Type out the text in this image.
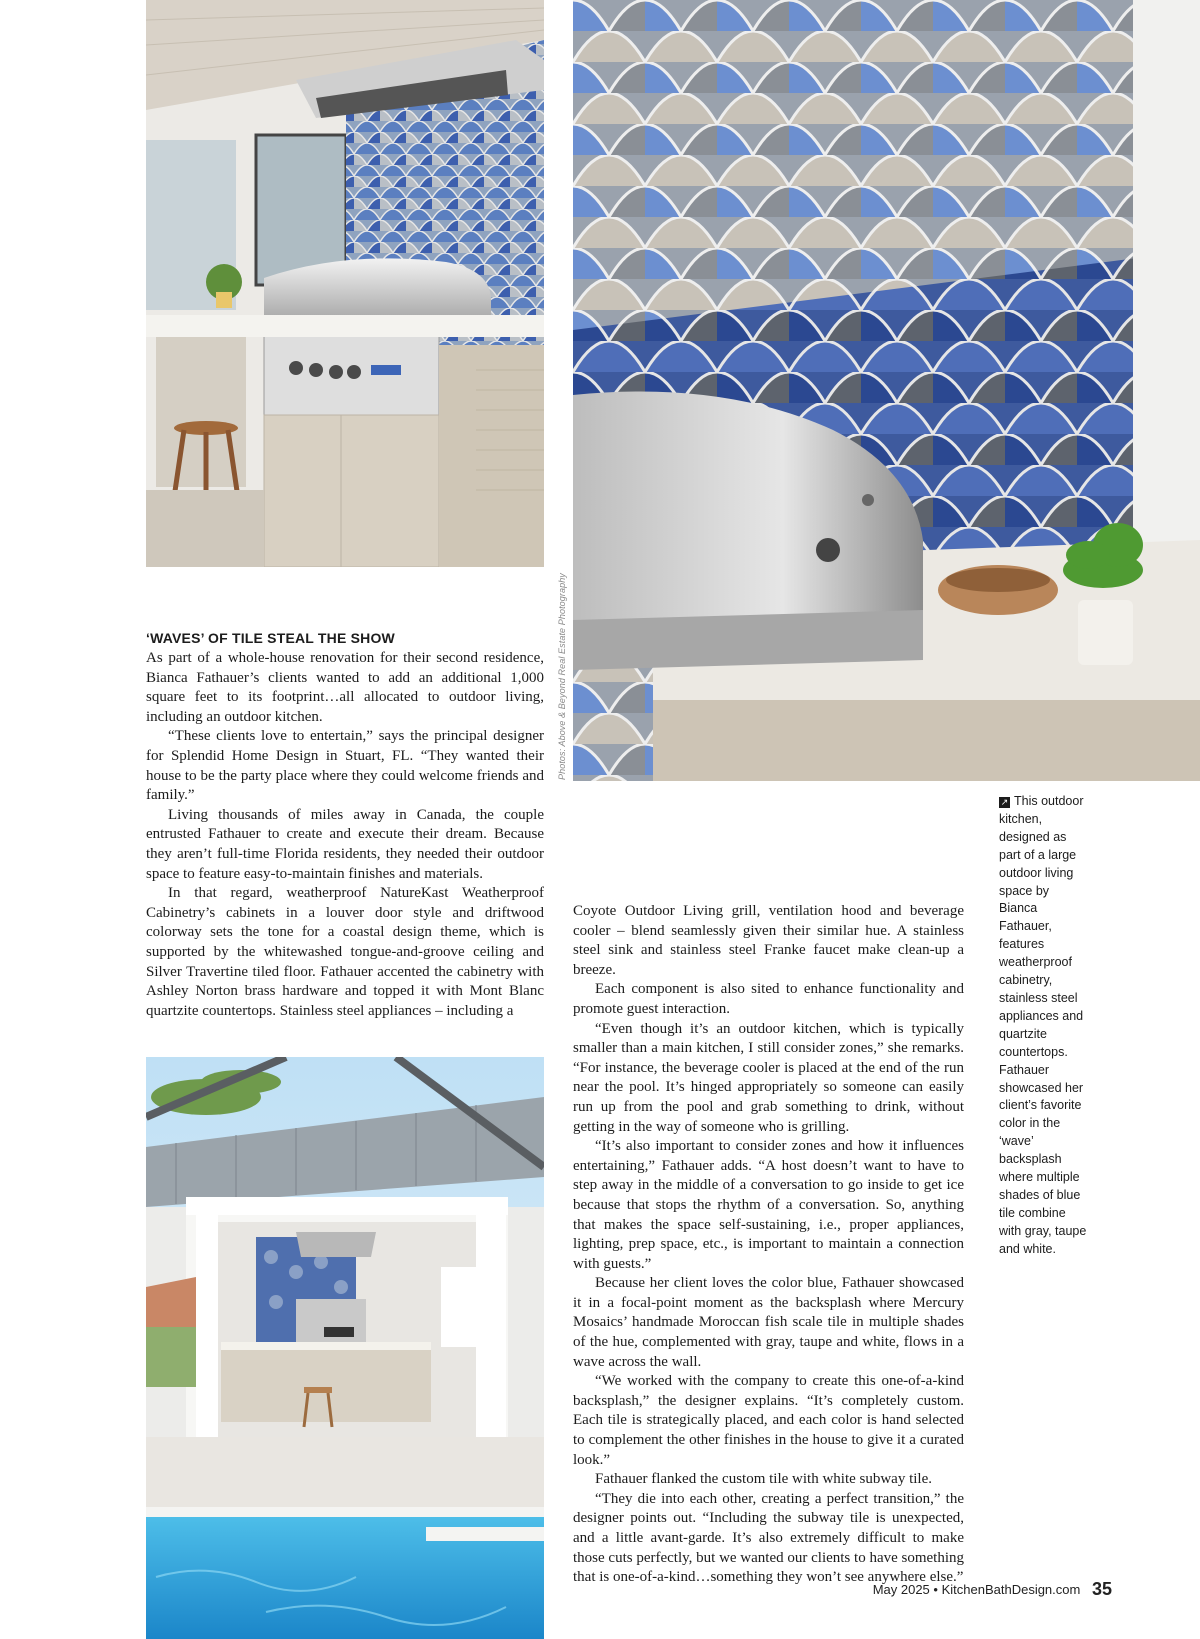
Photos: Above & Beyond Real Estate Photography
‘WAVES’ OF TILE STEAL THE SHOW

As part of a whole-house renovation for their second residence, Bianca Fathauer’s clients wanted to add an additional 1,000 square feet to its footprint…all allocated to outdoor living, including an outdoor kitchen.

“These clients love to entertain,” says the principal designer for Splendid Home Design in Stuart, FL. “They wanted their house to be the party place where they could welcome friends and family.”

Living thousands of miles away in Canada, the couple entrusted Fathauer to create and execute their dream. Because they aren’t full-time Florida residents, they needed their outdoor space to feature easy-to-maintain finishes and materials.

In that regard, weatherproof NatureKast Weatherproof Cabinetry’s cabinets in a louver door style and driftwood colorway sets the tone for a coastal design theme, which is supported by the whitewashed tongue-and-groove ceiling and Silver Travertine tiled floor. Fathauer accented the cabinetry with Ashley Norton brass hardware and topped it with Mont Blanc quartzite countertops. Stainless steel appliances – including a

Coyote Outdoor Living grill, ventilation hood and beverage cooler – blend seamlessly given their similar hue. A stainless steel sink and stainless steel Franke faucet make clean-up a breeze.

Each component is also sited to enhance functionality and promote guest interaction.

“Even though it’s an outdoor kitchen, which is typically smaller than a main kitchen, I still consider zones,” she remarks. “For instance, the beverage cooler is placed at the end of the run near the pool. It’s hinged appropriately so someone can easily run up from the pool and grab something to drink, without getting in the way of someone who is grilling.

“It’s also important to consider zones and how it influences entertaining,” Fathauer adds. “A host doesn’t want to have to step away in the middle of a conversation to go inside to get ice because that stops the rhythm of a conversation. So, anything that makes the space self-sustaining, i.e., proper appliances, lighting, prep space, etc., is important to maintain a connection with guests.”

Because her client loves the color blue, Fathauer showcased it in a focal-point moment as the backsplash where Mercury Mosaics’ handmade Moroccan fish scale tile in multiple shades of the hue, complemented with gray, taupe and white, flows in a wave across the wall.

“We worked with the company to create this one-of-a-kind backsplash,” the designer explains. “It’s completely custom. Each tile is strategically placed, and each color is hand selected to complement the other finishes in the house to give it a curated look.”

Fathauer flanked the custom tile with white subway tile.

“They die into each other, creating a perfect transition,” the designer points out. “Including the subway tile is unexpected, and a little avant-garde. It’s also extremely difficult to make those cuts perfectly, but we wanted our clients to have something that is one-of-a-kind…something they won’t see anywhere else.”

↗ This outdoor kitchen, designed as part of a large outdoor living space by Bianca Fathauer, features weatherproof cabinetry, stainless steel appliances and quartzite countertops. Fathauer showcased her client’s favorite color in the ‘wave’ backsplash where multiple shades of blue tile combine with gray, taupe and white.
May 2025 • KitchenBathDesign.com 35
